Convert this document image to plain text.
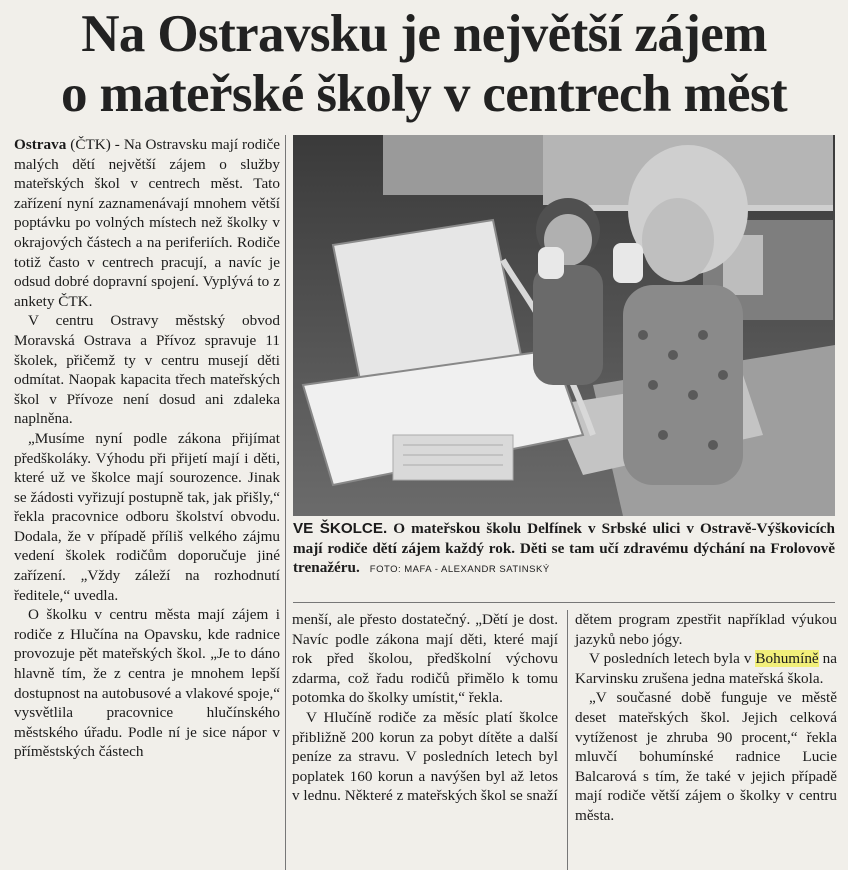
Na Ostravsku je největší zájem
o mateřské školy v centrech měst

Ostrava (ČTK) - Na Ostravsku mají rodiče malých dětí největší zájem o služby mateřských škol v centrech měst. Tato zařízení nyní zaznamenávají mnohem větší poptávku po volných místech než školky v okrajových částech a na periferiích. Rodiče totiž často v centrech pracují, a navíc je odsud dobré dopravní spojení. Vyplývá to z ankety ČTK.

V centru Ostravy městský obvod Moravská Ostrava a Přívoz spravuje 11 školek, přičemž ty v centru musejí děti odmítat. Naopak kapacita třech mateřských škol v Přívoze není dosud ani zdaleka naplněna.

„Musíme nyní podle zákona přijímat předškoláky. Výhodu při přijetí mají i děti, které už ve školce mají sourozence. Jinak se žádosti vyřizují postupně tak, jak přišly,“ řekla pracovnice odboru školství obvodu. Dodala, že v případě příliš velkého zájmu vedení školek rodičům doporučuje jiné zařízení. „Vždy záleží na rozhodnutí ředitele,“ uvedla.

O školku v centru města mají zájem i rodiče z Hlučína na Opavsku, kde radnice provozuje pět mateřských škol. „Je to dáno hlavně tím, že z centra je mnohem lepší dostupnost na autobusové a vlakové spoje,“ vysvětlila pracovnice hlučínského městského úřadu. Podle ní je sice nápor v příměstských částech

VE ŠKOLCE. O mateřskou školu Delfínek v Srbské ulici v Ostravě-Výškovicích mají rodiče dětí zájem každý rok. Děti se tam učí zdravému dýchání na Frolovově trenažéru. FOTO: MAFA - ALEXANDR SATINSKÝ

menší, ale přesto dostatečný. „Dětí je dost. Navíc podle zákona mají děti, které mají rok před školou, předškolní výchovu zdarma, což řadu rodičů přimělo k tomu potomka do školky umístit,“ řekla.

V Hlučíně rodiče za měsíc platí školce přibližně 200 korun za pobyt dítěte a další peníze za stravu. V posledních letech byl poplatek 160 korun a navýšen byl až letos v lednu. Některé z mateřských škol se snaží

dětem program zpestřit například výukou jazyků nebo jógy.

V posledních letech byla v Bohumíně na Karvinsku zrušena jedna mateřská škola.

„V současné době funguje ve městě deset mateřských škol. Jejich celková vytíženost je zhruba 90 procent,“ řekla mluvčí bohumínské radnice Lucie Balcarová s tím, že také v jejich případě mají rodiče větší zájem o školky v centru města.
